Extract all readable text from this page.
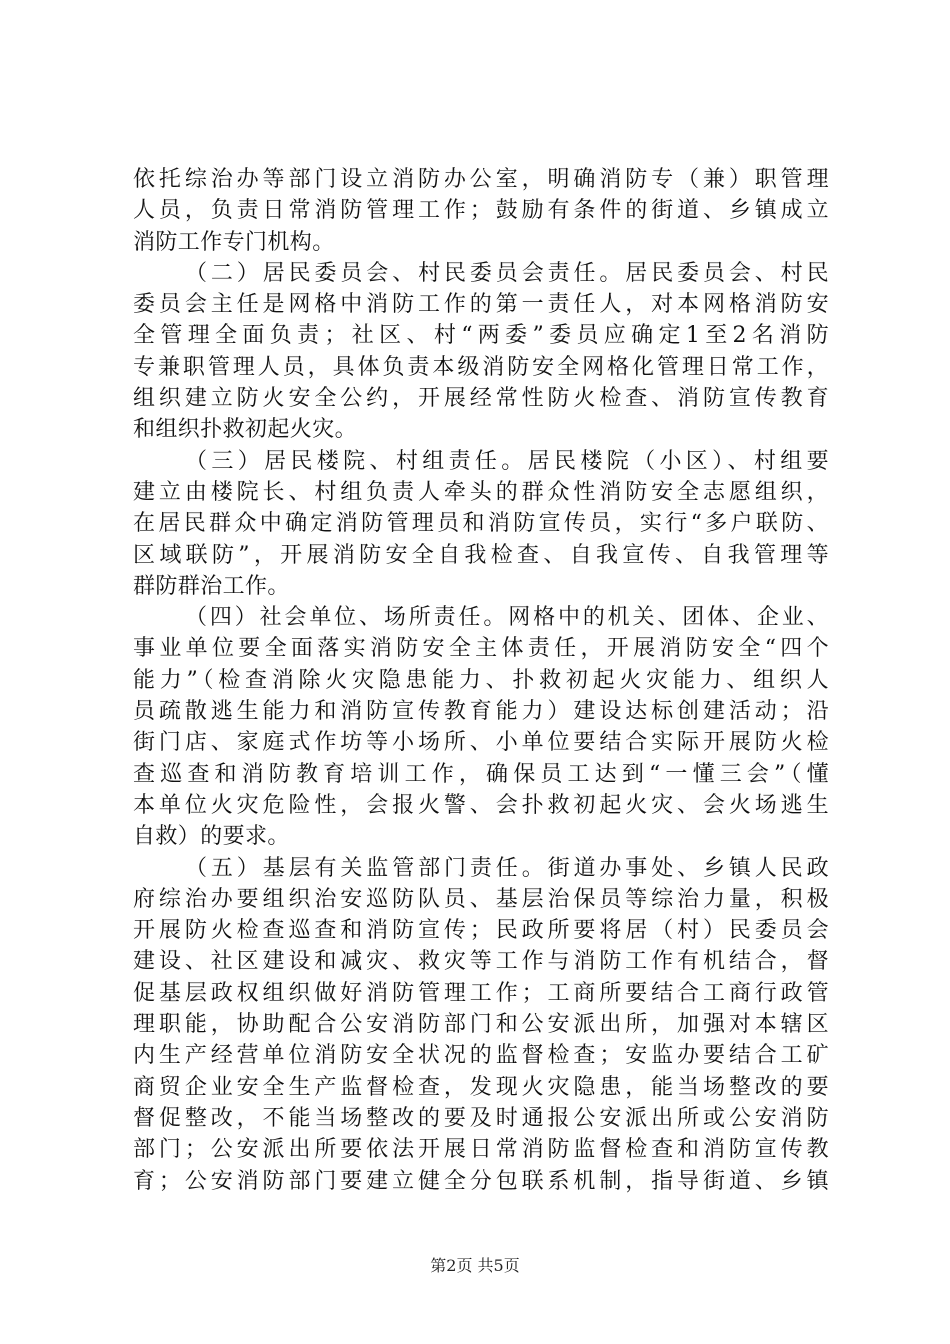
依托综治办等部门设立消防办公室，明确消防专（兼）职管理
人员，负责日常消防管理工作；鼓励有条件的街道、乡镇成立
消防工作专门机构。
（二）居民委员会、村民委员会责任。居民委员会、村民
委员会主任是网格中消防工作的第一责任人，对本网格消防安
全管理全面负责；社区、村“两委”委员应确定1至2名消防
专兼职管理人员，具体负责本级消防安全网格化管理日常工作，
组织建立防火安全公约，开展经常性防火检查、消防宣传教育
和组织扑救初起火灾。
（三）居民楼院、村组责任。居民楼院（小区）、村组要
建立由楼院长、村组负责人牵头的群众性消防安全志愿组织，
在居民群众中确定消防管理员和消防宣传员，实行“多户联防、
区域联防”，开展消防安全自我检查、自我宣传、自我管理等
群防群治工作。
（四）社会单位、场所责任。网格中的机关、团体、企业、
事业单位要全面落实消防安全主体责任，开展消防安全“四个
能力”（检查消除火灾隐患能力、扑救初起火灾能力、组织人
员疏散逃生能力和消防宣传教育能力）建设达标创建活动；沿
街门店、家庭式作坊等小场所、小单位要结合实际开展防火检
查巡查和消防教育培训工作，确保员工达到“一懂三会”（懂
本单位火灾危险性，会报火警、会扑救初起火灾、会火场逃生
自救）的要求。
（五）基层有关监管部门责任。街道办事处、乡镇人民政
府综治办要组织治安巡防队员、基层治保员等综治力量，积极
开展防火检查巡查和消防宣传；民政所要将居（村）民委员会
建设、社区建设和减灾、救灾等工作与消防工作有机结合，督
促基层政权组织做好消防管理工作；工商所要结合工商行政管
理职能，协助配合公安消防部门和公安派出所，加强对本辖区
内生产经营单位消防安全状况的监督检查；安监办要结合工矿
商贸企业安全生产监督检查，发现火灾隐患，能当场整改的要
督促整改，不能当场整改的要及时通报公安派出所或公安消防
部门；公安派出所要依法开展日常消防监督检查和消防宣传教
育；公安消防部门要建立健全分包联系机制，指导街道、乡镇
第2页 共5页
